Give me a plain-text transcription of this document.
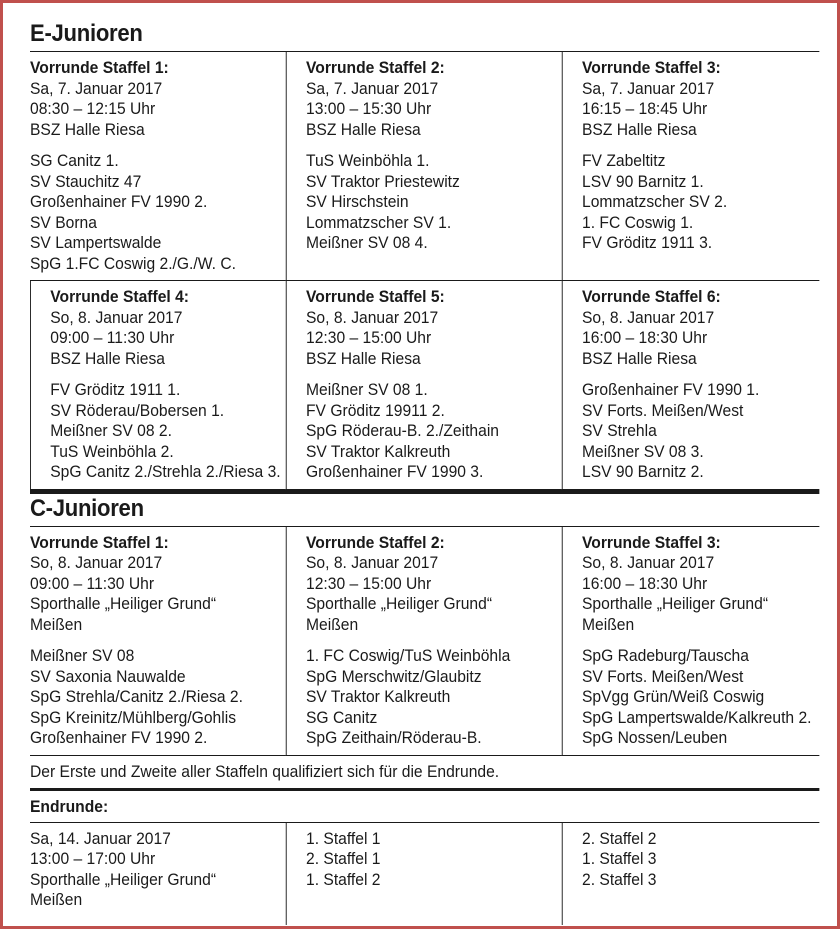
E-Junioren
Vorrunde Staffel 1:
Sa, 7. Januar 2017
08:30 – 12:15 Uhr
BSZ Halle Riesa
SG Canitz 1.
SV Stauchitz 47
Großenhainer FV 1990 2.
SV Borna
SV Lampertswalde
SpG 1.FC Coswig 2./G./W. C.
Vorrunde Staffel 2:
Sa, 7. Januar 2017
13:00 – 15:30 Uhr
BSZ Halle Riesa
TuS Weinböhla 1.
SV Traktor Priestewitz
SV Hirschstein
Lommatzscher SV 1.
Meißner SV 08 4.
Vorrunde Staffel 3:
Sa, 7. Januar 2017
16:15 – 18:45 Uhr
BSZ Halle Riesa
FV Zabeltitz
LSV 90 Barnitz 1.
Lommatzscher SV 2.
1. FC Coswig 1.
FV Gröditz 1911 3.
Vorrunde Staffel 4:
So, 8. Januar 2017
09:00 – 11:30 Uhr
BSZ Halle Riesa
FV Gröditz 1911 1.
SV Röderau/Bobersen 1.
Meißner SV 08 2.
TuS Weinböhla 2.
SpG Canitz 2./Strehla 2./Riesa 3.
Vorrunde Staffel 5:
So, 8. Januar 2017
12:30 – 15:00 Uhr
BSZ Halle Riesa
Meißner SV 08 1.
FV Gröditz 19911 2.
SpG Röderau-B. 2./Zeithain
SV Traktor Kalkreuth
Großenhainer FV 1990 3.
Vorrunde Staffel 6:
So, 8. Januar 2017
16:00 – 18:30 Uhr
BSZ Halle Riesa
Großenhainer FV 1990 1.
SV Forts. Meißen/West
SV Strehla
Meißner SV 08 3.
LSV 90 Barnitz 2.
C-Junioren
Vorrunde Staffel 1:
So, 8. Januar 2017
09:00 – 11:30 Uhr
Sporthalle „Heiliger Grund“
Meißen
Meißner SV 08
SV Saxonia Nauwalde
SpG Strehla/Canitz 2./Riesa 2.
SpG Kreinitz/Mühlberg/Gohlis
Großenhainer FV 1990 2.
Vorrunde Staffel 2:
So, 8. Januar 2017
12:30 – 15:00 Uhr
Sporthalle „Heiliger Grund“
Meißen
1. FC Coswig/TuS Weinböhla
SpG Merschwitz/Glaubitz
SV Traktor Kalkreuth
SG Canitz
SpG Zeithain/Röderau-B.
Vorrunde Staffel 3:
So, 8. Januar 2017
16:00 – 18:30 Uhr
Sporthalle „Heiliger Grund“
Meißen
SpG Radeburg/Tauscha
SV Forts. Meißen/West
SpVgg Grün/Weiß Coswig
SpG Lampertswalde/Kalkreuth 2.
SpG Nossen/Leuben
Der Erste und Zweite aller Staffeln qualifiziert sich für die Endrunde.
Endrunde:
Sa, 14. Januar 2017
13:00 – 17:00 Uhr
Sporthalle „Heiliger Grund“
Meißen
1. Staffel 1
2. Staffel 1
1. Staffel 2
2. Staffel 2
1. Staffel 3
2. Staffel 3
